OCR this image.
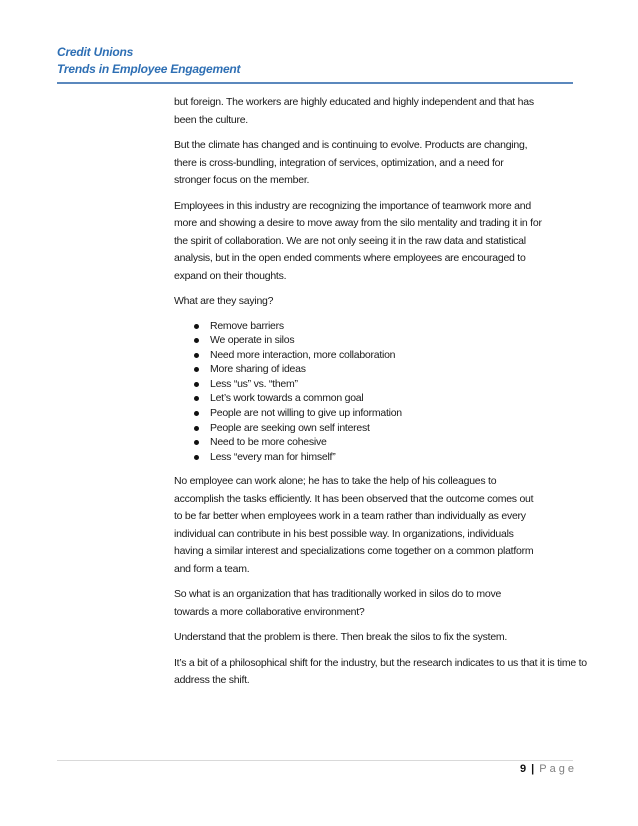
Credit Unions
Trends in Employee Engagement

but foreign. The workers are highly educated and highly independent and that has been the culture.

But the climate has changed and is continuing to evolve. Products are changing, there is cross-bundling, integration of services, optimization, and a need for stronger focus on the member.

Employees in this industry are recognizing the importance of teamwork more and more and showing a desire to move away from the silo mentality and trading it in for the spirit of collaboration. We are not only seeing it in the raw data and statistical analysis, but in the open ended comments where employees are encouraged to expand on their thoughts.

What are they saying?

Remove barriers
We operate in silos
Need more interaction, more collaboration
More sharing of ideas
Less “us” vs. “them”
Let’s work towards a common goal
People are not willing to give up information
People are seeking own self interest
Need to be more cohesive
Less “every man for himself”

No employee can work alone; he has to take the help of his colleagues to accomplish the tasks efficiently. It has been observed that the outcome comes out to be far better when employees work in a team rather than individually as every individual can contribute in his best possible way. In organizations, individuals having a similar interest and specializations come together on a common platform and form a team.

So what is an organization that has traditionally worked in silos do to move towards a more collaborative environment?

Understand that the problem is there. Then break the silos to fix the system.

It’s a bit of a philosophical shift for the industry, but the research indicates to us that it is time to address the shift.

9 | Page
